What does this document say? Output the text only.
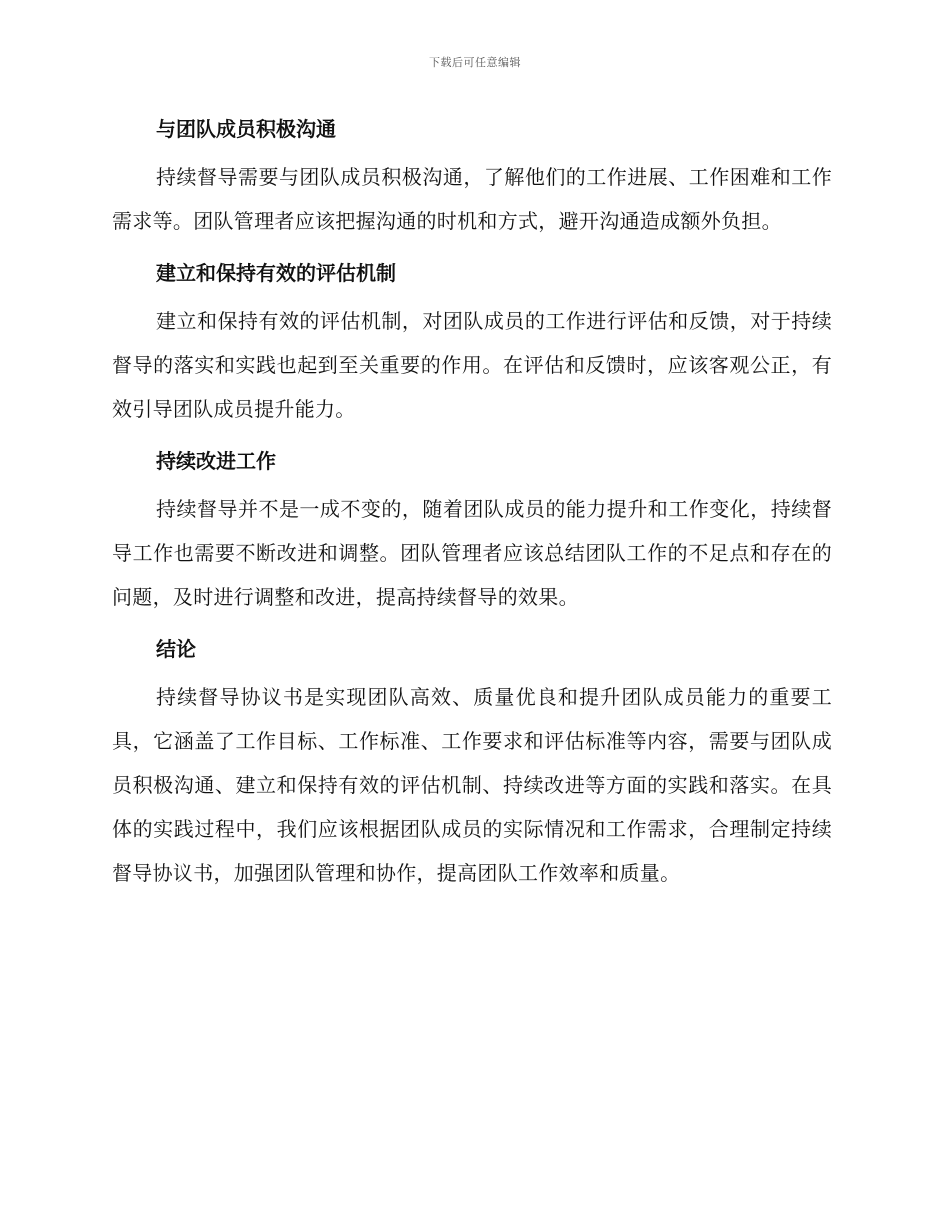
下载后可任意编辑
与团队成员积极沟通

持续督导需要与团队成员积极沟通，了解他们的工作进展、工作困难和工作需求等。团队管理者应该把握沟通的时机和方式，避开沟通造成额外负担。

建立和保持有效的评估机制

建立和保持有效的评估机制，对团队成员的工作进行评估和反馈，对于持续督导的落实和实践也起到至关重要的作用。在评估和反馈时，应该客观公正，有效引导团队成员提升能力。

持续改进工作

持续督导并不是一成不变的，随着团队成员的能力提升和工作变化，持续督导工作也需要不断改进和调整。团队管理者应该总结团队工作的不足点和存在的问题，及时进行调整和改进，提高持续督导的效果。

结论

持续督导协议书是实现团队高效、质量优良和提升团队成员能力的重要工具，它涵盖了工作目标、工作标准、工作要求和评估标准等内容，需要与团队成员积极沟通、建立和保持有效的评估机制、持续改进等方面的实践和落实。在具体的实践过程中，我们应该根据团队成员的实际情况和工作需求，合理制定持续督导协议书，加强团队管理和协作，提高团队工作效率和质量。
